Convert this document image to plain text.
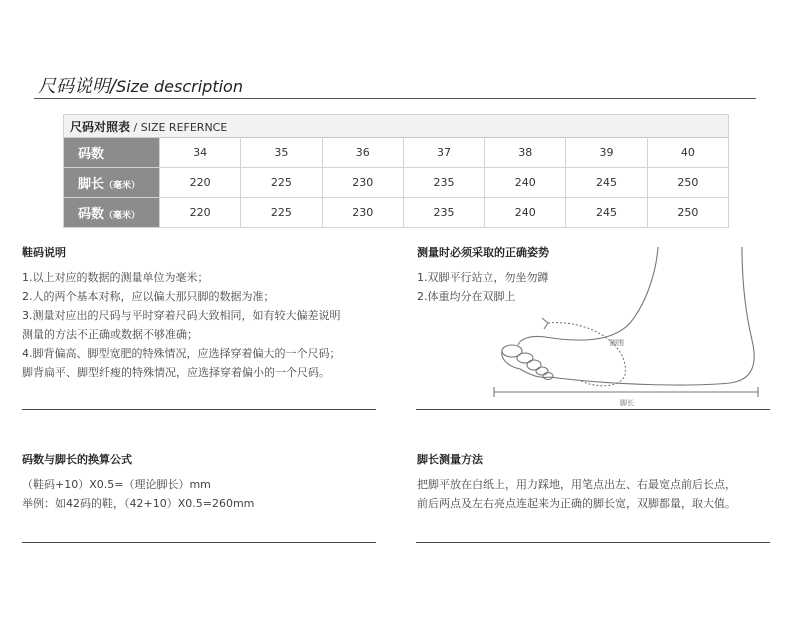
尺码说明/Size description
尺码对照表 / SIZE REFERNCE							
码数	34	35	36	37	38	39	40
脚长（毫米）	220	225	230	235	240	245	250
码数（毫米）	220	225	230	235	240	245	250
鞋码说明
1.以上对应的数据的测量单位为毫米；
2.人的两个基本对称，应以偏大那只脚的数据为准；
3.测量对应出的尺码与平时穿着尺码大致相同，如有较大偏差说明
测量的方法不正确或数据不够准确；
4.脚背偏高、脚型宽肥的特殊情况，应选择穿着偏大的一个尺码；
脚背扁平、脚型纤瘦的特殊情况，应选择穿着偏小的一个尺码。
测量时必须采取的正确姿势
1.双脚平行站立，勿坐勿蹲
2.体重均分在双脚上
脚围
脚长
码数与脚长的换算公式
（鞋码+10）X0.5=（理论脚长）mm
举例：如42码的鞋，（42+10）X0.5=260mm
脚长测量方法
把脚平放在白纸上，用力踩地，用笔点出左、右最宽点前后长点，
前后两点及左右亮点连起来为正确的脚长宽，双脚都量，取大值。
